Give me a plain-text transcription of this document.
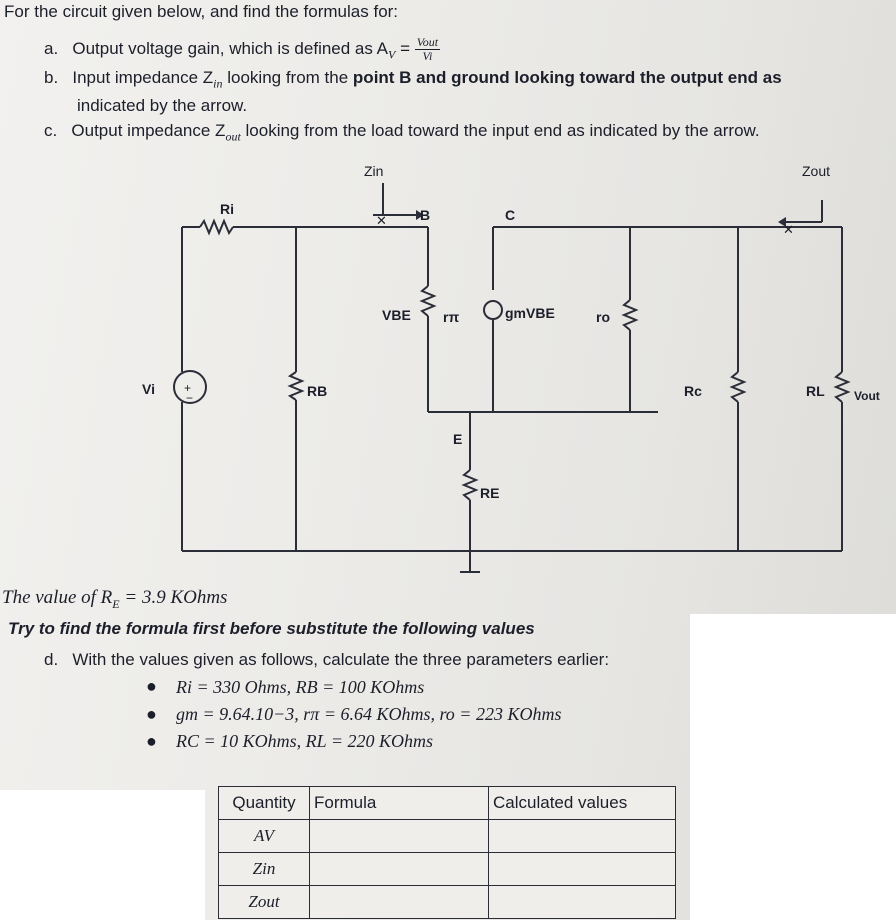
For the circuit given below, and find the formulas for:
a. Output voltage gain, which is defined as $A_V = \frac{\text{Vout}}{Vi}$
b. Input impedance $Z_{in}$ looking from the point B and ground looking toward the output end as
indicated by the arrow.
c. Output impedance $Z_{out}$ looking from the load toward the input end as indicated by the arrow.
✕
✕
+
−
Zin	Zout
B	C
E
Ri
Vi	RB
VBE rπ	gmVBE	ro
Rc	RL Vout
RE
The value of $R_E = 3.9$ KOhms
Try to find the formula first before substitute the following values
d. With the values given as follows, calculate the three parameters earlier:
● Ri = 330 Ohms, RB = 100 KOhms
● gm = 9.64.10−3, rπ = 6.64 KOhms, ro = 223 KOhms
● RC = 10 KOhms, RL = 220 KOhms
Quantity	Formula	Calculated values
AV		
Zin		
Zout		
